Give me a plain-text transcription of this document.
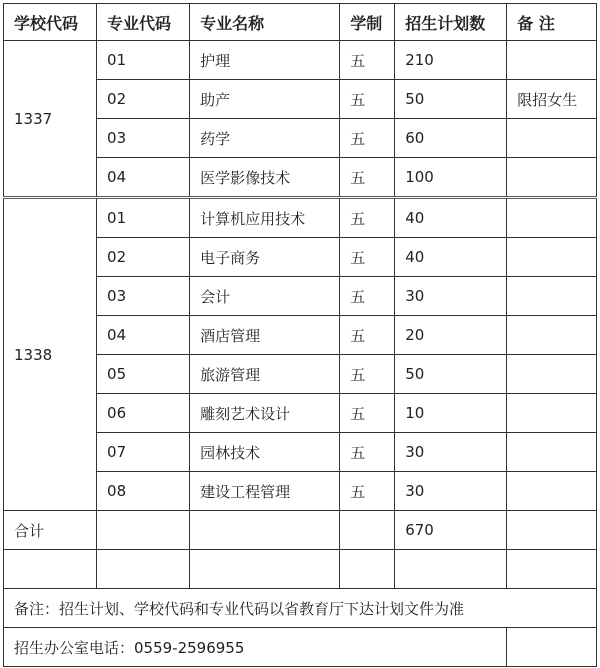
学校代码	专业代码	专业名称	学制	招生计划数	备 注
1337	01	护理	五	210	
	02	助产	五	50	限招女生
	03	药学	五	60	
	04	医学影像技术	五	100	
1338	01	计算机应用技术	五	40	
	02	电子商务	五	40	
	03	会计	五	30	
	04	酒店管理	五	20	
	05	旅游管理	五	50	
	06	雕刻艺术设计	五	10	
	07	园林技术	五	30	
	08	建设工程管理	五	30	
合计				670	

备注：招生计划、学校代码和专业代码以省教育厅下达计划文件为准					
招生办公室电话：0559-2596955					
